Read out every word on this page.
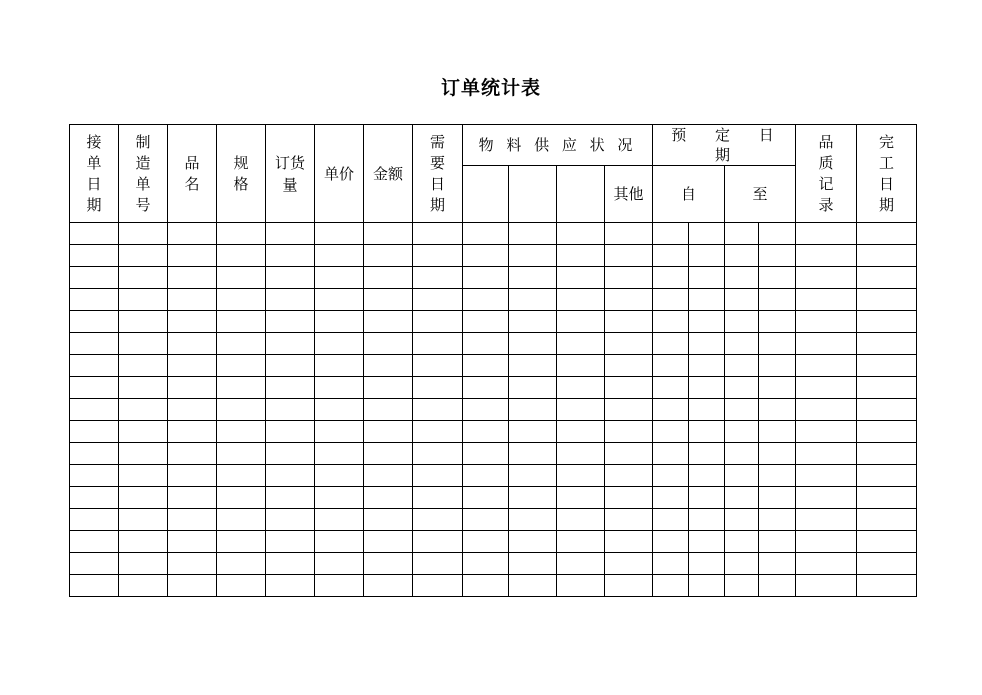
订单统计表
接单日期	制造单号	品名	规格	订货量	单价	金额	需要日期	物 料 供 应 状 况				预 定 日 期				品质记录	完工日期
											其他	自		至			
